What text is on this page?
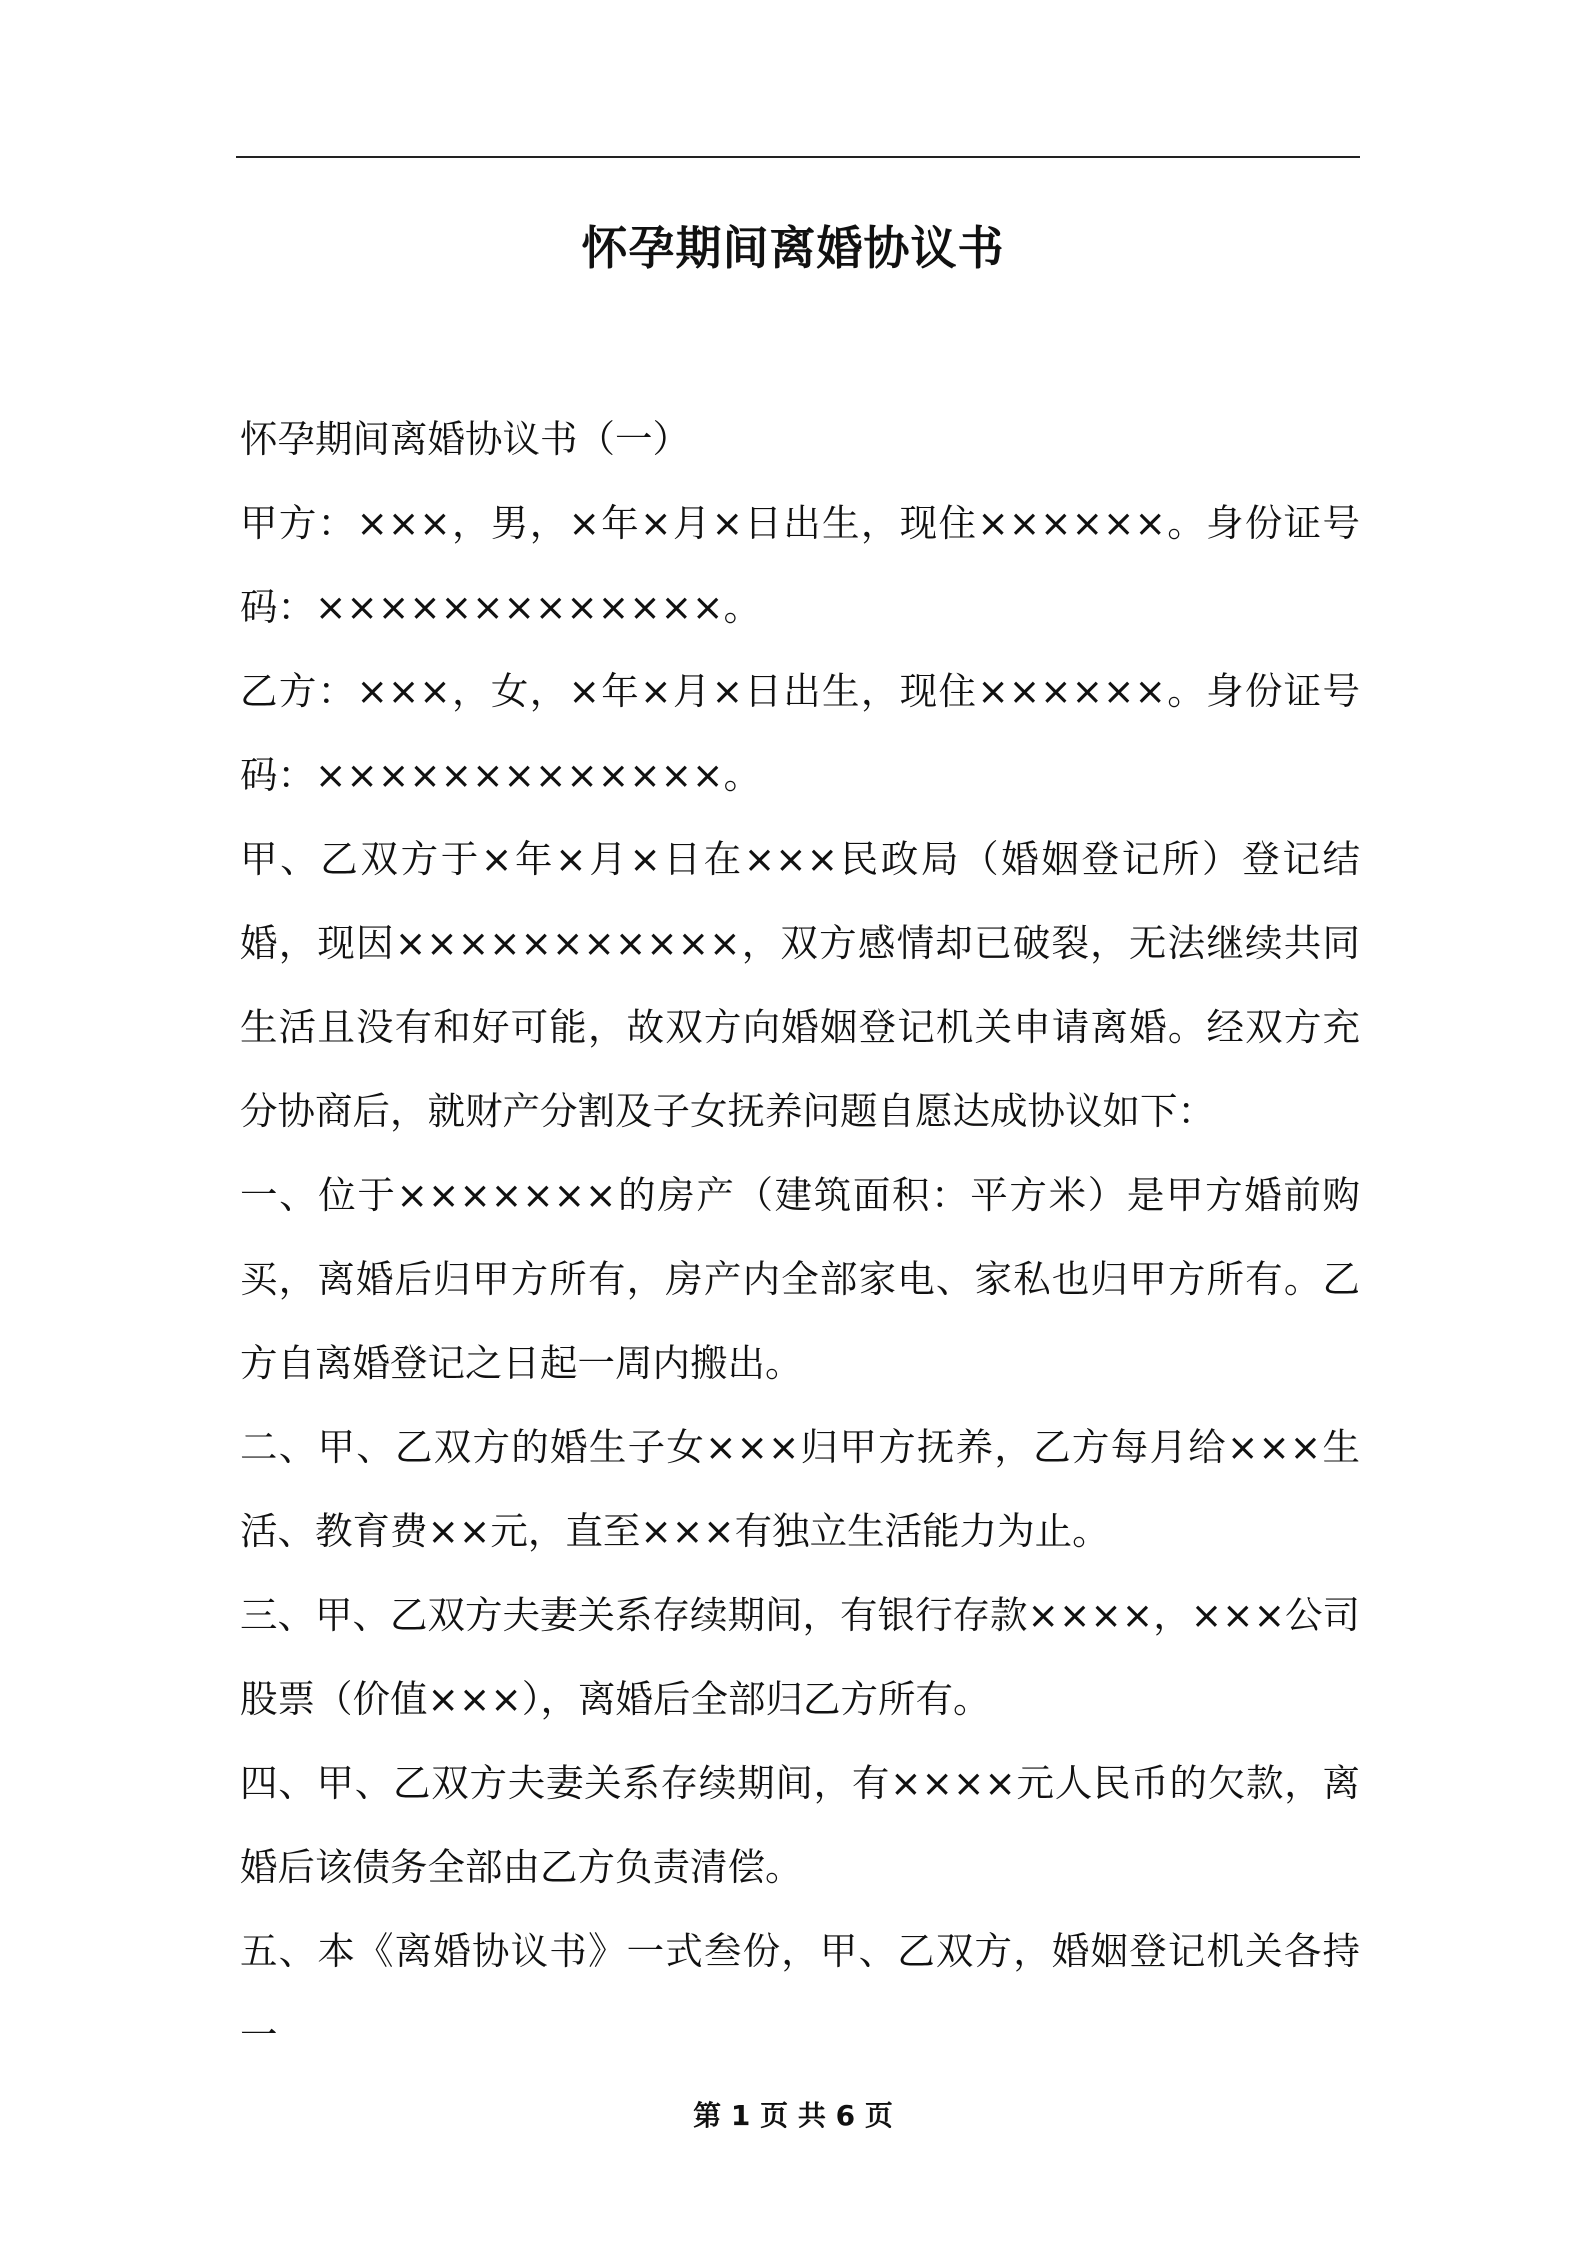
怀孕期间离婚协议书

怀孕期间离婚协议书（一）

甲方：×××，男，×年×月×日出生，现住××××××。身份证号码：×××××××××××××。

乙方：×××，女，×年×月×日出生，现住××××××。身份证号码：×××××××××××××。

甲、乙双方于×年×月×日在×××民政局（婚姻登记所）登记结婚，现因×××××××××××，双方感情却已破裂，无法继续共同生活且没有和好可能，故双方向婚姻登记机关申请离婚。经双方充分协商后，就财产分割及子女抚养问题自愿达成协议如下：

一、位于×××××××的房产（建筑面积：平方米）是甲方婚前购买，离婚后归甲方所有，房产内全部家电、家私也归甲方所有。乙方自离婚登记之日起一周内搬出。

二、甲、乙双方的婚生子女×××归甲方抚养，乙方每月给×××生活、教育费××元，直至×××有独立生活能力为止。

三、甲、乙双方夫妻关系存续期间，有银行存款××××，×××公司股票（价值×××），离婚后全部归乙方所有。

四、甲、乙双方夫妻关系存续期间，有××××元人民币的欠款，离婚后该债务全部由乙方负责清偿。

五、本《离婚协议书》一式叁份，甲、乙双方，婚姻登记机关各持一

第 1 页 共 6 页
